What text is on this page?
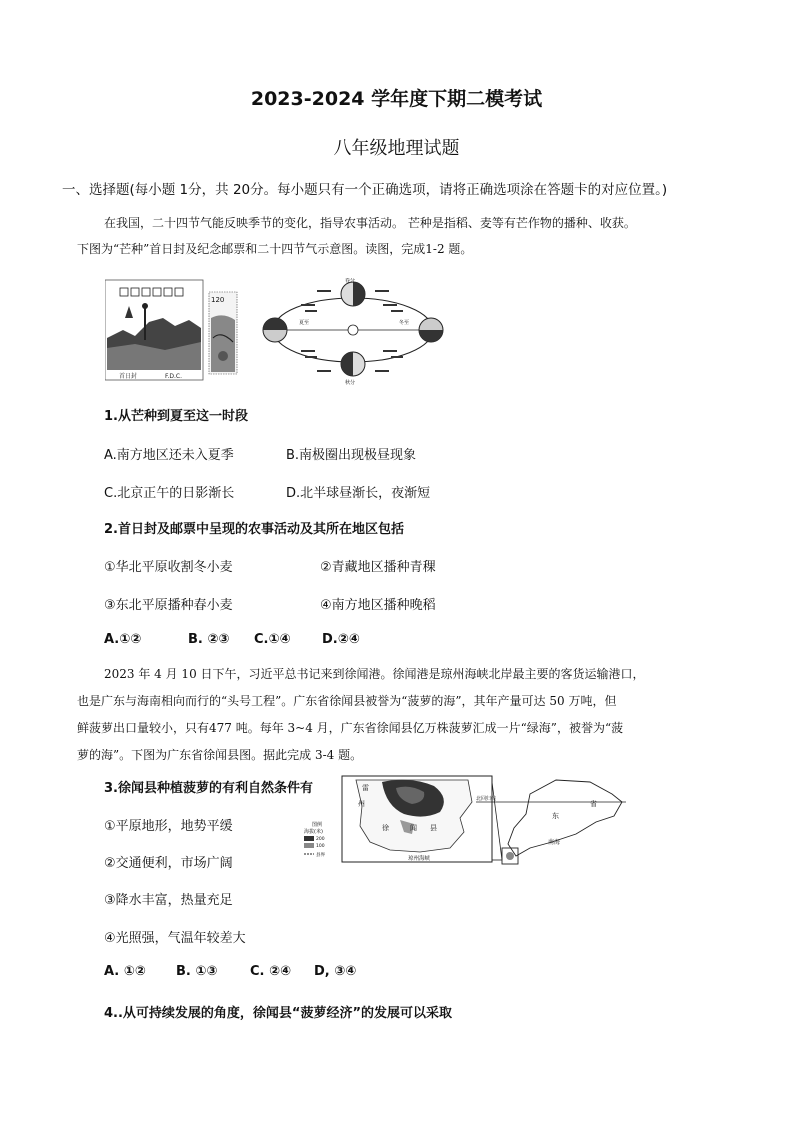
2023-2024 学年度下期二模考试
八年级地理试题
一、选择题(每小题 1分，共 20分。每小题只有一个正确选项，请将正确选项涂在答题卡的对应位置。)
在我国，二十四节气能反映季节的变化，指导农事活动。 芒种是指稻、麦等有芒作物的播种、收获。
下图为“芒种”首日封及纪念邮票和二十四节气示意图。读图，完成1-2 题。
首日封	F.D.C.
120
春分
秋分
夏至	冬至
1.从芒种到夏至这一时段
A.南方地区还未入夏季	B.南极圈出现极昼现象
C.北京正午的日影渐长	D.北半球昼渐长，夜渐短
2.首日封及邮票中呈现的农事活动及其所在地区包括
①华北平原收割冬小麦	②青藏地区播种青稞
③东北平原播种春小麦	④南方地区播种晚稻
A.①②	B. ②③ C.①④ D.②④
2023 年 4 月 10 日下午，习近平总书记来到徐闻港。徐闻港是琼州海峡北岸最主要的客货运输港口，
也是广东与海南相向而行的“头号工程”。广东省徐闻县被誉为“菠萝的海”，其年产量可达 50 万吨，但
鲜菠萝出口量较小，只有477 吨。每年 3~4 月，广东省徐闻县亿万株菠萝汇成一片“绿海”，被誉为“菠
萝的海”。下图为广东省徐闻县图。据此完成 3-4 题。
3.徐闻县种植菠萝的有利自然条件有
①平原地形，地势平缓
②交通便利，市场广阔
③降水丰富，热量充足
④光照强，气温年较差大
A. ①② B. ①③	C. ②④ D, ③④
雷
州
徐	闻 县
琼州海峡
图例
海拔(米)
200
100
县界
北回归线
东
省
南海
4..从可持续发展的角度，徐闻县“菠萝经济”的发展可以采取
